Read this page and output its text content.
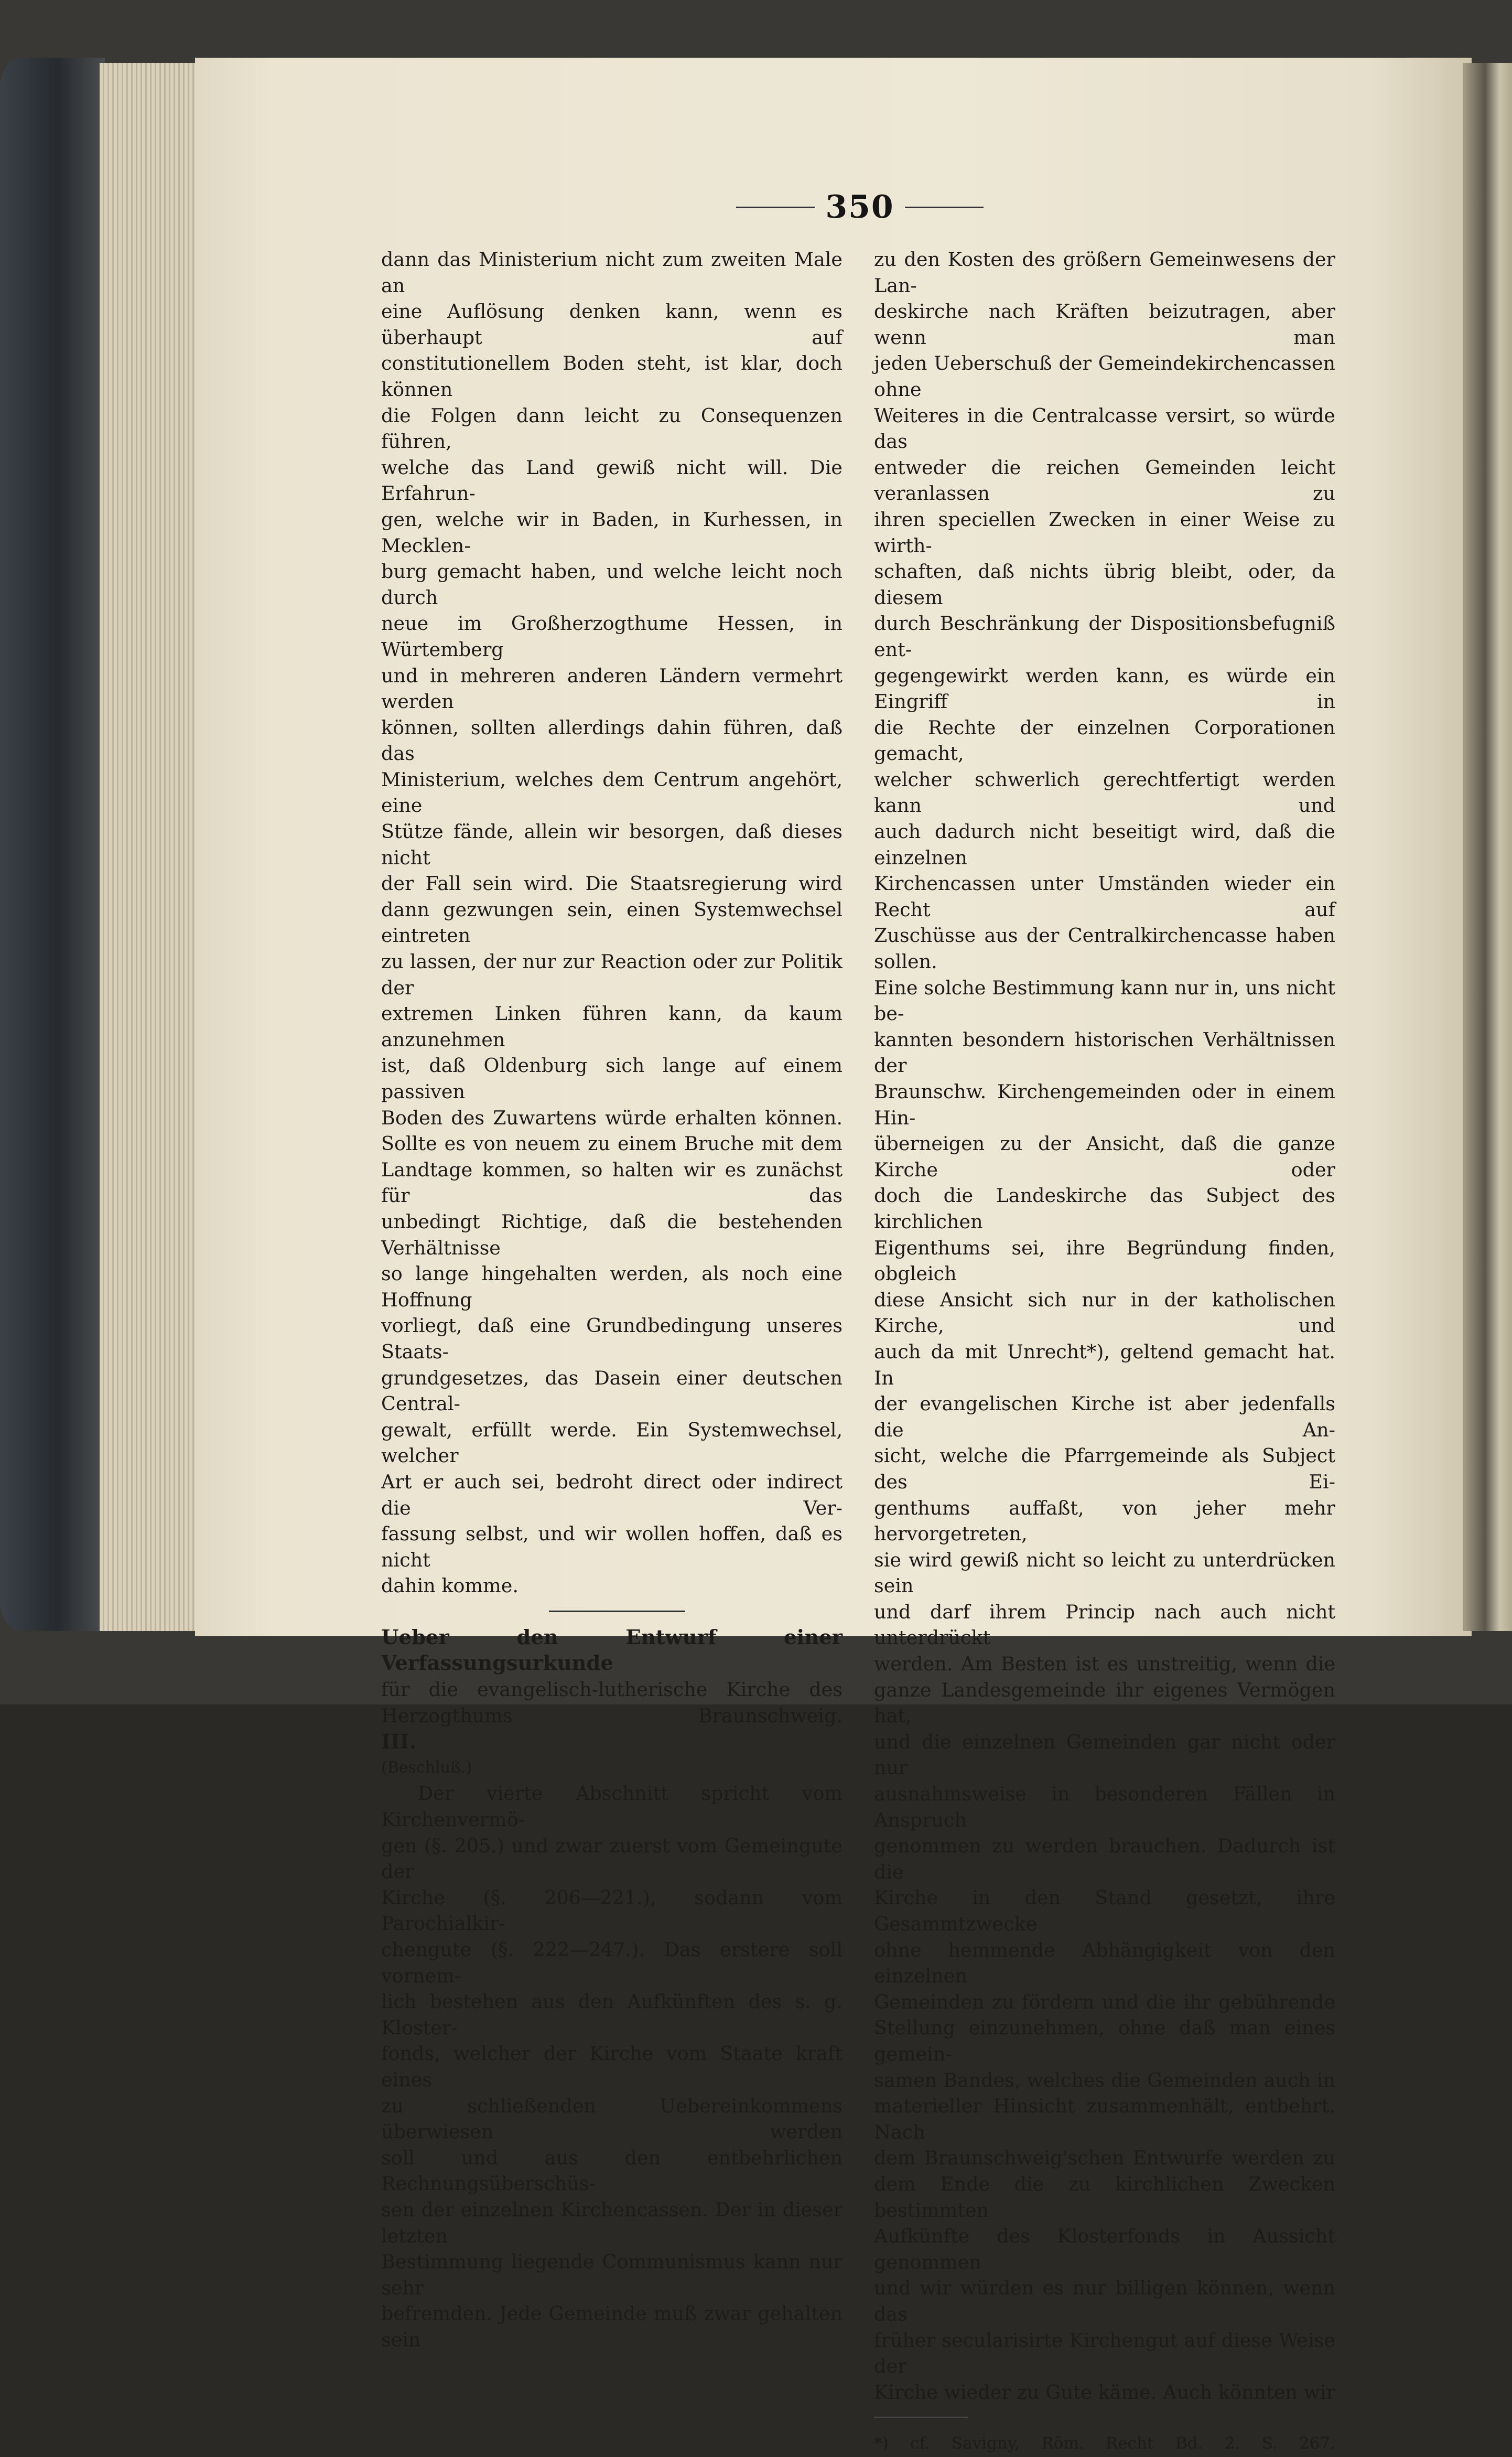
350

dann das Ministerium nicht zum zweiten Male an

eine Auflösung denken kann, wenn es überhaupt auf

constitutionellem Boden steht, ist klar, doch können

die Folgen dann leicht zu Consequenzen führen,

welche das Land gewiß nicht will. Die Erfahrun-

gen, welche wir in Baden, in Kurhessen, in Mecklen-

burg gemacht haben, und welche leicht noch durch

neue im Großherzogthume Hessen, in Würtemberg

und in mehreren anderen Ländern vermehrt werden

können, sollten allerdings dahin führen, daß das

Ministerium, welches dem Centrum angehört, eine

Stütze fände, allein wir besorgen, daß dieses nicht

der Fall sein wird. Die Staatsregierung wird

dann gezwungen sein, einen Systemwechsel eintreten

zu lassen, der nur zur Reaction oder zur Politik der

extremen Linken führen kann, da kaum anzunehmen

ist, daß Oldenburg sich lange auf einem passiven

Boden des Zuwartens würde erhalten können.

Sollte es von neuem zu einem Bruche mit dem

Landtage kommen, so halten wir es zunächst für das

unbedingt Richtige, daß die bestehenden Verhältnisse

so lange hingehalten werden, als noch eine Hoffnung

vorliegt, daß eine Grundbedingung unseres Staats-

grundgesetzes, das Dasein einer deutschen Central-

gewalt, erfüllt werde. Ein Systemwechsel, welcher

Art er auch sei, bedroht direct oder indirect die Ver-

fassung selbst, und wir wollen hoffen, daß es nicht

dahin komme.

Ueber den Entwurf einer Verfassungsurkunde

für die evangelisch-lutherische Kirche des

Herzogthums Braunschweig.

III.

(Beschluß.)

Der vierte Abschnitt spricht vom Kirchenvermö-

gen (§. 205.) und zwar zuerst vom Gemeingute der

Kirche (§. 206—221.), sodann vom Parochialkir-

chengute (§. 222—247.). Das erstere soll vornem-

lich bestehen aus den Aufkünften des s. g. Kloster-

fonds, welcher der Kirche vom Staate kraft eines

zu schließenden Uebereinkommens überwiesen werden

soll und aus den entbehrlichen Rechnungsüberschüs-

sen der einzelnen Kirchencassen. Der in dieser letzten

Bestimmung liegende Communismus kann nur sehr

befremden. Jede Gemeinde muß zwar gehalten sein

zu den Kosten des größern Gemeinwesens der Lan-

deskirche nach Kräften beizutragen, aber wenn man

jeden Ueberschuß der Gemeindekirchencassen ohne

Weiteres in die Centralcasse versirt, so würde das

entweder die reichen Gemeinden leicht veranlassen zu

ihren speciellen Zwecken in einer Weise zu wirth-

schaften, daß nichts übrig bleibt, oder, da diesem

durch Beschränkung der Dispositionsbefugniß ent-

gegengewirkt werden kann, es würde ein Eingriff in

die Rechte der einzelnen Corporationen gemacht,

welcher schwerlich gerechtfertigt werden kann und

auch dadurch nicht beseitigt wird, daß die einzelnen

Kirchencassen unter Umständen wieder ein Recht auf

Zuschüsse aus der Centralkirchencasse haben sollen.

Eine solche Bestimmung kann nur in, uns nicht be-

kannten besondern historischen Verhältnissen der

Braunschw. Kirchengemeinden oder in einem Hin-

überneigen zu der Ansicht, daß die ganze Kirche oder

doch die Landeskirche das Subject des kirchlichen

Eigenthums sei, ihre Begründung finden, obgleich

diese Ansicht sich nur in der katholischen Kirche, und

auch da mit Unrecht*), geltend gemacht hat. In

der evangelischen Kirche ist aber jedenfalls die An-

sicht, welche die Pfarrgemeinde als Subject des Ei-

genthums auffaßt, von jeher mehr hervorgetreten,

sie wird gewiß nicht so leicht zu unterdrücken sein

und darf ihrem Princip nach auch nicht unterdrückt

werden. Am Besten ist es unstreitig, wenn die

ganze Landesgemeinde ihr eigenes Vermögen hat,

und die einzelnen Gemeinden gar nicht oder nur

ausnahmsweise in besonderen Fällen in Anspruch

genommen zu werden brauchen. Dadurch ist die

Kirche in den Stand gesetzt, ihre Gesammtzwecke

ohne hemmende Abhängigkeit von den einzelnen

Gemeinden zu fördern und die ihr gebührende

Stellung einzunehmen, ohne daß man eines gemein-

samen Bandes, welches die Gemeinden auch in

materieller Hinsicht zusammenhält, entbehrt. Nach

dem Braunschweig'schen Entwurfe werden zu

dem Ende die zu kirchlichen Zwecken bestimmten

Aufkünfte des Klosterfonds in Aussicht genommen

und wir würden es nur billigen können, wenn das

früher secularisirte Kirchengut auf diese Weise der

Kirche wieder zu Gute käme. Auch könnten wir

*) cf. Savigny, Röm. Recht Bd. 2. S. 267.
